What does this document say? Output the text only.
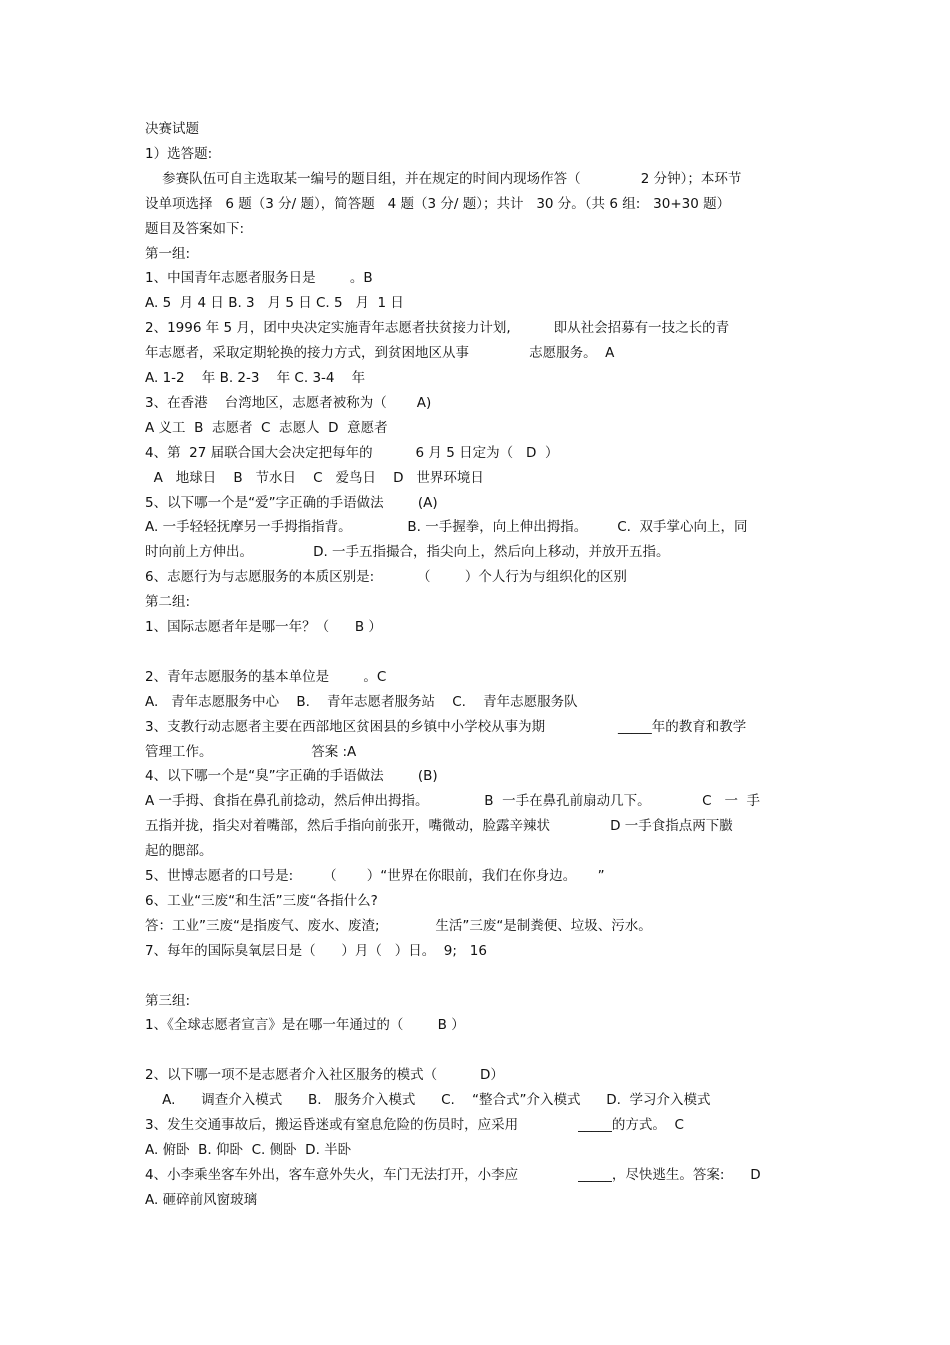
决赛试题
1）选答题:
参赛队伍可自主选取某一编号的题目组，并在规定的时间内现场作答（              2 分钟）；本环节
设单项选择   6 题（3 分/ 题），简答题   4 题（3 分/ 题）；共计   30 分。（共 6 组:   30+30 题）
题目及答案如下:
第一组:
1、中国青年志愿者服务日是        。B
A. 5  月 4 日 B. 3   月 5 日 C. 5   月  1 日
2、1996 年 5 月，团中央决定实施青年志愿者扶贫接力计划,          即从社会招募有一技之长的青
年志愿者，采取定期轮换的接力方式，到贫困地区从事              志愿服务。  A
A. 1-2    年 B. 2-3    年 C. 3-4    年
3、在香港    台湾地区，志愿者被称为（       A)
A 义工  B  志愿者  C  志愿人  D  意愿者
4、第  27 届联合国大会决定把每年的          6 月 5 日定为（   D  ）
A   地球日    B   节水日    C   爱鸟日    D   世界环境日
5、以下哪一个是“爱”字正确的手语做法        (A)
A. 一手轻轻抚摩另一手拇指指背。             B. 一手握拳，向上伸出拇指。       C.  双手掌心向上，同
时向前上方伸出。              D. 一手五指撮合，指尖向上，然后向上移动，并放开五指。
6、志愿行为与志愿服务的本质区别是:          （        ）个人行为与组织化的区别
第二组:
1、国际志愿者年是哪一年？（      B ）
2、青年志愿服务的基本单位是        。C
A.   青年志愿服务中心    B.    青年志愿者服务站    C.    青年志愿服务队
3、支教行动志愿者主要在西部地区贫困县的乡镇中小学校从事为期                 _____年的教育和教学
管理工作。                       答案 :A
4、以下哪一个是“臭”字正确的手语做法        (B)
A 一手拇、食指在鼻孔前捻动，然后伸出拇指。             B  一手在鼻孔前扇动几下。            C   一  手
五指并拢，指尖对着嘴部，然后手指向前张开，嘴微动，脸露辛辣状              D 一手食指点两下臌
起的腮部。
5、世博志愿者的口号是:       （       ）“世界在你眼前，我们在你身边。     ”
6、工业“三废“和生活”三废“各指什么?
答：工业”三废“是指废气、废水、废渣;             生活”三废“是制粪便、垃圾、污水。
7、每年的国际臭氧层日是（      ）月（   ）日。  9;   16
第三组:
1、《全球志愿者宣言》是在哪一年通过的（        B ）
2、以下哪一项不是志愿者介入社区服务的模式（          D）
A.      调查介入模式      B.   服务介入模式      C.    “整合式”介入模式      D.  学习介入模式
3、发生交通事故后，搬运昏迷或有窒息危险的伤员时，应采用              _____的方式。  C
A. 俯卧  B. 仰卧  C. 侧卧  D. 半卧
4、小李乘坐客车外出，客车意外失火，车门无法打开，小李应              _____，尽快逃生。答案:      D
A. 砸碎前风窗玻璃
